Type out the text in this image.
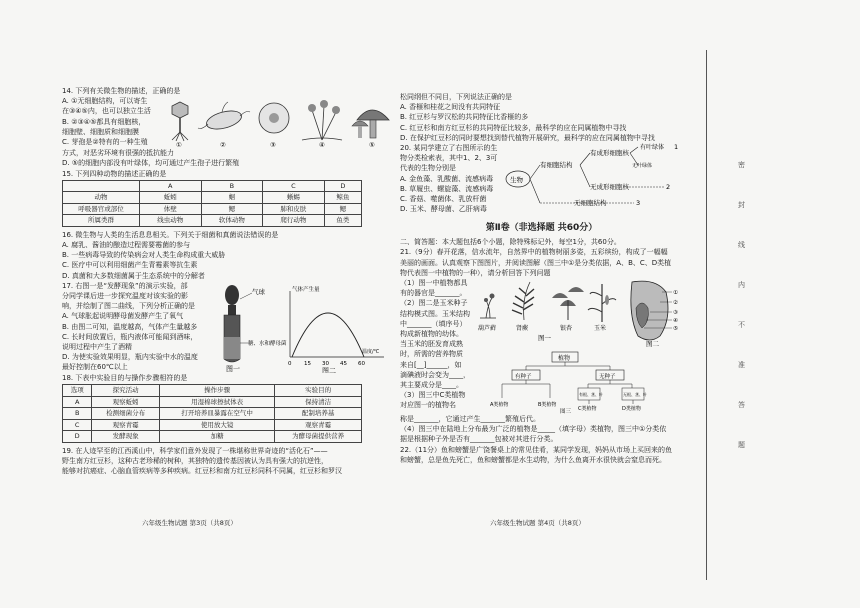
14. 下列有关微生物的描述，正确的是
A. ①无细胞结构，可以寄生
在③④⑤内，也可以独立生活
B. ②③④⑤都具有细胞核，
细胞壁、细胞质和细胞膜
C. 芽孢是②特有的一种生殖	①	②	③	④	⑤
方式，对恶劣环境有很强的抵抗能力
D. ⑤的细胞内部没有叶绿体，均可通过产生孢子进行繁殖
15. 下列四种动物的描述正确的是
	A	B	C	D
动物	蚯蚓	蛔	蜥蜴	鲸鱼
呼吸器官或部位	体壁	鳃	肺和皮肤	鳃
所属类群	线虫动物	软体动物	爬行动物	鱼类
16. 微生物与人类的生活息息相关。下列关于细菌和真菌说法错误的是
A. 腐乳、酱油的酿造过程需要霉菌的参与
B. 一些病毒导致的传染病会对人类生命构成重大威胁
C. 医疗中可以利用细菌产生青霉素等抗生素
D. 真菌和大多数细菌属于生态系统中的分解者
17. 右图一是“发酵现象”的演示实验，部
分同学课后进一步探究温度对该实验的影
响，并绘制了图二曲线，下列分析正确的是
A. 气球胀起说明酵母菌发酵产生了氧气
B. 由图二可知，温度越高，气体产生量越多
C. 长时间放置后，瓶内液体可能闻到酒味，
说明过程中产生了酒精
D. 为使实验效果明显，瓶内实验中水的温度
最好控制在60℃以上
气球
糖、水和酵母菌
图一
气体产生量
温度/℃
0 15 30 45 60
图二
18. 下表中实验目的与操作步骤相符的是
选项	探究活动	操作步骤	实验目的
A	观察蚯蚓	用湿棉球擦拭体表	保持清洁
B	检测细菌分布	打开培养皿暴露在空气中	配制培养基
C	观察青霉	使用放大镜	观察青霉
D	发酵现象	加糖	为酵母菌提供营养
19. 在人迹罕至的江西溪山中，科学家们意外发现了一株堪称世界奇迹的“活化石”——
野生南方红豆杉，这种古老珍稀的树种，其独特的遗传基因被认为具有强大的抗逆性，
能够对抗癌症、心脑血管疾病等多种疾病。红豆杉和南方红豆杉同科不同属，红豆杉和罗汉
六年级生物试题 第3页（共8页）
松同纲但不同目，下列说法正确的是
A. 香榧和桂花之间没有共同特征
B. 红豆杉与罗汉松的共同特征比香榧的多
C. 红豆杉和南方红豆杉的共同特征比较多，最科学的应在同属植物中寻找
D. 在保护红豆杉的同时要想找到替代植物开展研究，最科学的应在同属植物中寻找
20. 某同学建立了右图所示的生
物分类检索表，其中1、2、3可
代表的生物分别是
A. 金鱼藻、乳酸菌、流感病毒
B. 草履虫、螺旋藻、流感病毒
C. 香菇、噬菌体、乳放杆菌
D. 玉米、酵母菌、乙肝病毒
生物
有细胞结构
无细胞结构
有成形细胞核
无成形细胞核
有叶绿体
无叶绿体
1
2
3
第Ⅱ卷（非选择题 共60分）
二、简答题：本大题包括6个小题，除特殊标记外，每空1分，共60分。
21.（9分）春开花落，信水流年，自然界中的植物树丽多姿，五彩缤纷，构成了一幅幅
美丽的画面。认真观察下图图片，并阅读图解（图三中①是分类依据，A、B、C、D类植
物代表图一中植物的一种），请分析回答下列问题
（1）图一中植物都具
有的器官是_______。
（2）图二是玉米种子
结构模式图。玉米结构
中_______（填序号）
构成新植物的幼体。
当玉米的胚发育成熟
时，所需的营养物质
来自[__]______，如
滴碘液时会变为____，
其主要成分是____。
（3）图三中C类植物
对应图一的植物名
葫芦藓	肾蕨	银杏	玉米
图一
①
②
③
④
⑤
图二
植物
有种子	无种子
有根、茎、叶	无根、茎、叶
A类植物	B类植物
C类植物	D类植物
图三
称是_______，它通过产生_______繁殖后代。
（4）图三中在陆地上分布最为广泛的植物是_____（填字母）类植物，图三中①分类依
据是根据种子外是否有_______包被对其进行分类。
22.（11分）鱼和螃蟹是广饶餐桌上的常见佳肴，某同学发现，妈妈从市场上买回来的鱼
和螃蟹，总是鱼先死亡，鱼和螃蟹都是水生动物，为什么鱼离开水很快就会窒息而死。
六年级生物试题 第4页（共8页）
密
封
线
内
不
准
答
题
